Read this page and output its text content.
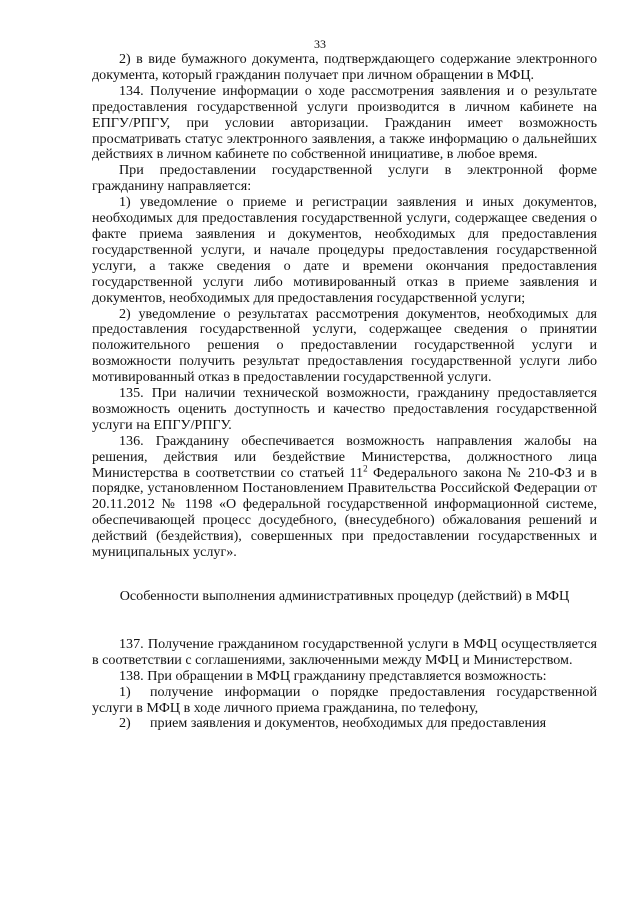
33

2) в виде бумажного документа, подтверждающего содержание электронного документа, который гражданин получает при личном обращении в МФЦ.

134. Получение информации о ходе рассмотрения заявления и о результате предоставления государственной услуги производится в личном кабинете на ЕПГУ/РПГУ, при условии авторизации. Гражданин имеет возможность просматривать статус электронного заявления, а также информацию о дальнейших действиях в личном кабинете по собственной инициативе, в любое время.

При предоставлении государственной услуги в электронной форме гражданину направляется:

1) уведомление о приеме и регистрации заявления и иных документов, необходимых для предоставления государственной услуги, содержащее сведения о факте приема заявления и документов, необходимых для предоставления государственной услуги, и начале процедуры предоставления государственной услуги, а также сведения о дате и времени окончания предоставления государственной услуги либо мотивированный отказ в приеме заявления и документов, необходимых для предоставления государственной услуги;

2) уведомление о результатах рассмотрения документов, необходимых для предоставления государственной услуги, содержащее сведения о принятии положительного решения о предоставлении государственной услуги и возможности получить результат предоставления государственной услуги либо мотивированный отказ в предоставлении государственной услуги.

135. При наличии технической возможности, гражданину предоставляется возможность оценить доступность и качество предоставления государственной услуги на ЕПГУ/РПГУ.

136. Гражданину обеспечивается возможность направления жалобы на решения, действия или бездействие Министерства, должностного лица Министерства в соответствии со статьей $11^2$ Федерального закона № 210-ФЗ и в порядке, установленном Постановлением Правительства Российской Федерации от 20.11.2012 № 1198 «О федеральной государственной информационной системе, обеспечивающей процесс досудебного, (внесудебного) обжалования решений и действий (бездействия), совершенных при предоставлении государственных и муниципальных услуг».

Особенности выполнения административных процедур (действий) в МФЦ

137. Получение гражданином государственной услуги в МФЦ осуществляется в соответствии с соглашениями, заключенными между МФЦ и Министерством.

138. При обращении в МФЦ гражданину представляется возможность:

1) получение информации о порядке предоставления государственной услуги в МФЦ в ходе личного приема гражданина, по телефону,

2) прием заявления и документов, необходимых для предоставления
